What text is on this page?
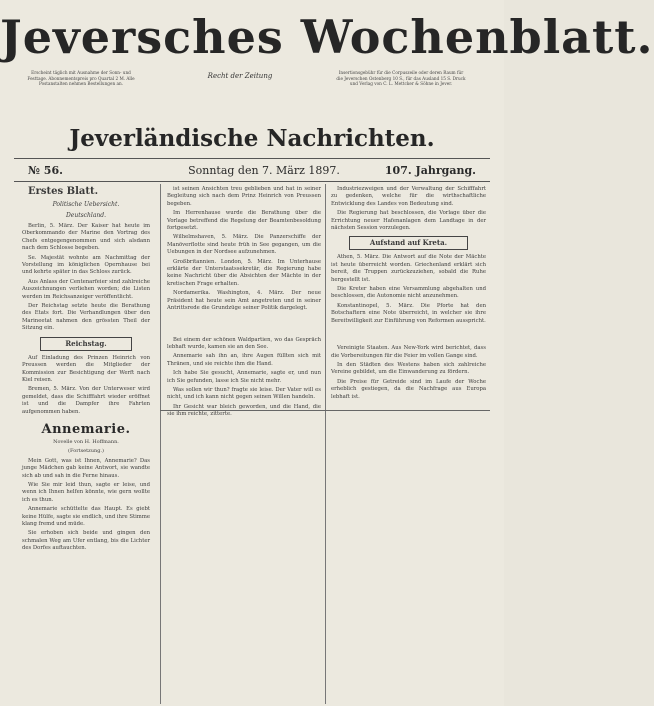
Jeversches Wochenblatt.
Erscheint täglich mit Ausnahme der Sonn- und Festtage. Abonnementspreis pro Quartal 2 M. Alle Postanstalten nehmen Bestellungen an.
Recht der Zeitung	Insertionsgebühr für die Corpuszeile oder deren Raum für die Jeverschen Ostenberg 10 S., für das Ausland 15 S. Druck und Verlag von C. L. Mettcker & Söhne in Jever.
Jeverländische Nachrichten.
№ 56.	Sonntag den 7. März 1897.	107. Jahrgang.
Erstes Blatt.
Politische Uebersicht.
Deutschland.

Berlin, 5. März. Der Kaiser hat heute im Oberkommando der Marine den Vortrag des Chefs entgegengenommen und sich alsdann nach dem Schlosse begeben.

Se. Majestät wohnte am Nachmittag der Vorstellung im königlichen Opernhause bei und kehrte später in das Schloss zurück.

Aus Anlass der Centenarfeier sind zahlreiche Auszeichnungen verliehen worden; die Listen werden im Reichsanzeiger veröffentlicht.

Der Reichstag setzte heute die Berathung des Etats fort. Die Verhandlungen über den Marineetat nahmen den grössten Theil der Sitzung ein.

Reichstag.

Auf Einladung des Prinzen Heinrich von Preussen werden die Mitglieder der Kommission zur Besichtigung der Werft nach Kiel reisen.

Bremen, 5. März. Von der Unterweser wird gemeldet, dass die Schifffahrt wieder eröffnet ist und die Dampfer ihre Fahrten aufgenommen haben.

Annemarie.
Novelle von H. Hoffmann.
(Fortsetzung.)

Mein Gott, was ist Ihnen, Annemarie? Das junge Mädchen gab keine Antwort, sie wandte sich ab und sah in die Ferne hinaus.

Wie Sie mir leid thun, sagte er leise, und wenn ich Ihnen helfen könnte, wie gern wollte ich es thun.

Annemarie schüttelte das Haupt. Es giebt keine Hülfe, sagte sie endlich, und ihre Stimme klang fremd und müde.

Sie erhoben sich beide und gingen den schmalen Weg am Ufer entlang, bis die Lichter des Dorfes auftauchten.

ist seinen Ansichten treu geblieben und hat in seiner Begleitung sich nach dem Prinz Heinrich von Preussen begeben.

Im Herrenhause wurde die Berathung über die Vorlage betreffend die Regelung der Beamtenbesoldung fortgesetzt.

Wilhelmshaven, 5. März. Die Panzerschiffe der Manöverflotte sind heute früh in See gegangen, um die Uebungen in der Nordsee aufzunehmen.

Großbritannien. London, 5. März. Im Unterhause erklärte der Unterstaatssekretär, die Regierung habe keine Nachricht über die Absichten der Mächte in der kretischen Frage erhalten.

Nordamerika. Washington, 4. März. Der neue Präsident hat heute sein Amt angetreten und in seiner Antrittsrede die Grundzüge seiner Politik dargelegt.

Bei einem der schönen Waldpartien, wo das Gespräch lebhaft wurde, kamen sie an den See.

Annemarie sah ihn an, ihre Augen füllten sich mit Thränen, und sie reichte ihm die Hand.

Ich habe Sie gesucht, Annemarie, sagte er, und nun ich Sie gefunden, lasse ich Sie nicht mehr.

Was sollen wir thun? fragte sie leise. Der Vater will es nicht, und ich kann nicht gegen seinen Willen handeln.

Ihr Gesicht war bleich geworden, und die Hand, die sie ihm reichte, zitterte.

Industriezweigen und der Verwaltung der Schifffahrt zu gedenken, welche für die wirthschaftliche Entwicklung des Landes von Bedeutung sind.

Die Regierung hat beschlossen, die Vorlage über die Errichtung neuer Hafenanlagen dem Landtage in der nächsten Session vorzulegen.

Aufstand auf Kreta.

Athen, 5. März. Die Antwort auf die Note der Mächte ist heute überreicht worden. Griechenland erklärt sich bereit, die Truppen zurückzuziehen, sobald die Ruhe hergestellt ist.

Die Kreter haben eine Versammlung abgehalten und beschlossen, die Autonomie nicht anzunehmen.

Konstantinopel, 5. März. Die Pforte hat den Botschaftern eine Note überreicht, in welcher sie ihre Bereitwilligkeit zur Einführung von Reformen ausspricht.

Vereinigte Staaten. Aus New-York wird berichtet, dass die Vorbereitungen für die Feier im vollen Gange sind.

In den Städten des Westens haben sich zahlreiche Vereine gebildet, um die Einwanderung zu fördern.

Die Preise für Getreide sind im Laufe der Woche erheblich gestiegen, da die Nachfrage aus Europa lebhaft ist.
